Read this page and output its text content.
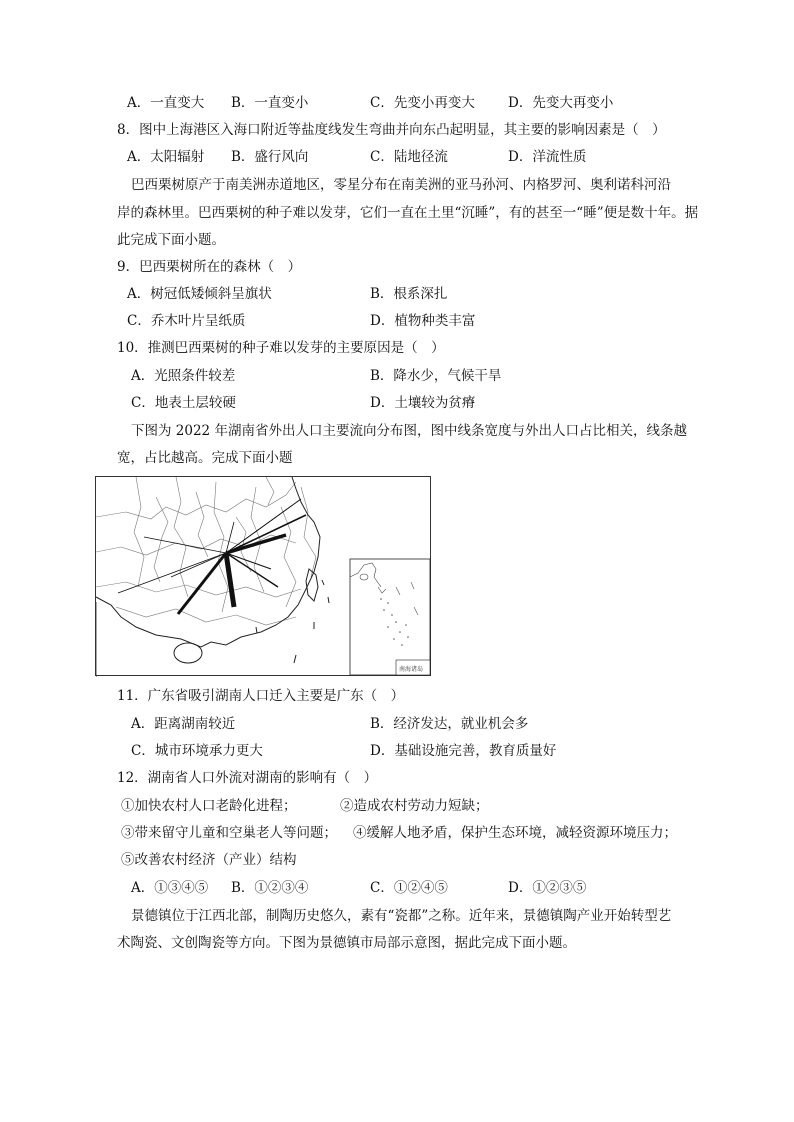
A．一直变大 B．一直变小	C．先变小再变大 D．先变大再变小
8．图中上海港区入海口附近等盐度线发生弯曲并向东凸起明显，其主要的影响因素是（　）
A．太阳辐射 B．盛行风向	C．陆地径流	D．洋流性质
巴西栗树原产于南美洲赤道地区，零星分布在南美洲的亚马孙河、内格罗河、奥利诺科河沿
岸的森林里。巴西栗树的种子难以发芽，它们一直在土里“沉睡”，有的甚至一“睡”便是数十年。据
此完成下面小题。
9．巴西栗树所在的森林（　）
A．树冠低矮倾斜呈旗状	B．根系深扎
C．乔木叶片呈纸质	D．植物种类丰富
10．推测巴西栗树的种子难以发芽的主要原因是（　）
A．光照条件较差	B．降水少，气候干旱
C．地表土层较硬	D．土壤较为贫瘠
下图为 2022 年湖南省外出人口主要流向分布图，图中线条宽度与外出人口占比相关，线条越
宽，占比越高。完成下面小题
南海诸岛
11．广东省吸引湖南人口迁入主要是广东（　）
A．距离湖南较近	B．经济发达，就业机会多
C．城市环境承力更大	D．基础设施完善，教育质量好
12．湖南省人口外流对湖南的影响有（　）
①加快农村人口老龄化进程；	②造成农村劳动力短缺；
③带来留守儿童和空巢老人等问题； ④缓解人地矛盾，保护生态环境，减轻资源环境压力；
⑤改善农村经济（产业）结构
A．①③④⑤ B．①②③④	C．①②④⑤	D．①②③⑤
景德镇位于江西北部，制陶历史悠久，素有“瓷都”之称。近年来，景德镇陶产业开始转型艺
术陶瓷、文创陶瓷等方向。下图为景德镇市局部示意图，据此完成下面小题。
